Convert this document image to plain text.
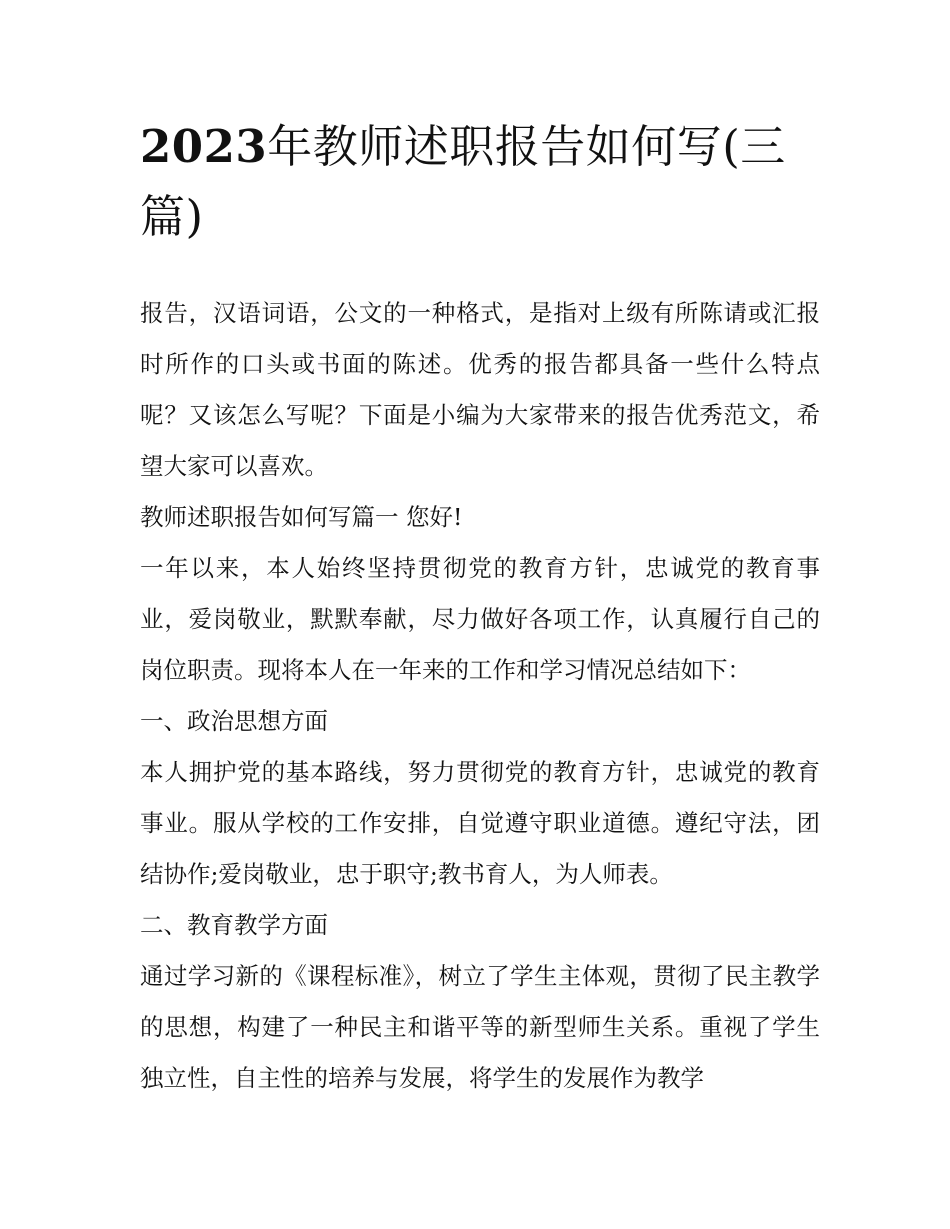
2023年教师述职报告如何写(三篇)

报告，汉语词语，公文的一种格式，是指对上级有所陈请或汇报时所作的口头或书面的陈述。优秀的报告都具备一些什么特点呢？又该怎么写呢？下面是小编为大家带来的报告优秀范文，希望大家可以喜欢。

教师述职报告如何写篇一 您好!

一年以来，本人始终坚持贯彻党的教育方针，忠诚党的教育事业，爱岗敬业，默默奉献，尽力做好各项工作，认真履行自己的岗位职责。现将本人在一年来的工作和学习情况总结如下：

一、政治思想方面

本人拥护党的基本路线，努力贯彻党的教育方针，忠诚党的教育事业。服从学校的工作安排，自觉遵守职业道德。遵纪守法，团结协作;爱岗敬业，忠于职守;教书育人，为人师表。

二、教育教学方面

通过学习新的《课程标准》，树立了学生主体观，贯彻了民主教学的思想，构建了一种民主和谐平等的新型师生关系。重视了学生独立性，自主性的培养与发展，将学生的发展作为教学
